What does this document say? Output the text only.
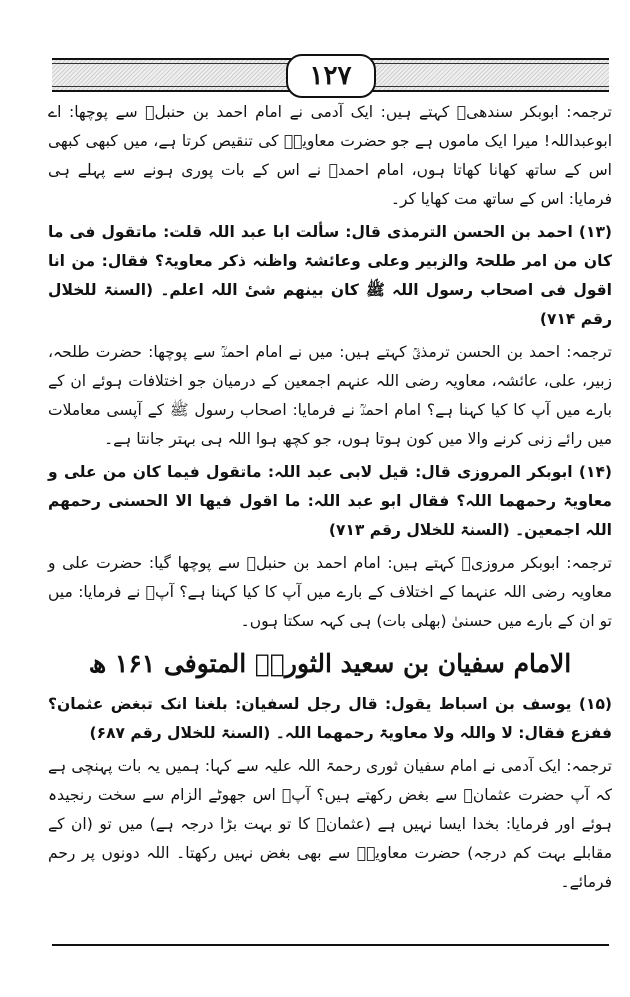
۱۲۷

ترجمہ: ابوبکر سندھیؒ کہتے ہیں: ایک آدمی نے امام احمد بن حنبلؒ سے پوچھا: اے ابوعبداللہ! میرا ایک ماموں ہے جو حضرت معاویہؓ کی تنقیص کرتا ہے، میں کبھی کبھی اس کے ساتھ کھانا کھاتا ہوں، امام احمدؒ نے اس کے بات پوری ہونے سے پہلے ہی فرمایا: اس کے ساتھ مت کھایا کر۔

(۱۳) احمد بن الحسن الترمذی قال: سألت ابا عبد اللہ قلت: ماتقول فی ما کان من امر طلحۃ والزبیر وعلی وعائشۃ واظنہ ذکر معاویۃ؟ فقال: من انا اقول فی اصحاب رسول اللہ ﷺ کان بینھم شیٔ اللہ اعلم۔ (السنۃ للخلال رقم ۷۱۴)

ترجمہ: احمد بن الحسن ترمذیؒ کہتے ہیں: میں نے امام احمدؒ سے پوچھا: حضرت طلحہ، زبیر، علی، عائشہ، معاویہ رضی اللہ عنہم اجمعین کے درمیان جو اختلافات ہوئے ان کے بارے میں آپ کا کیا کہنا ہے؟ امام احمدؒ نے فرمایا: اصحاب رسول ﷺ کے آپسی معاملات میں رائے زنی کرنے والا میں کون ہوتا ہوں، جو کچھ ہوا اللہ ہی بہتر جانتا ہے۔

(۱۴) ابوبکر المروزی قال: قیل لابی عبد اللہ: ماتقول فیما کان من علی و معاویۃ رحمھما اللہ؟ فقال ابو عبد اللہ: ما اقول فیھا الا الحسنی رحمھم اللہ اجمعین۔ (السنۃ للخلال رقم ۷۱۳)

ترجمہ: ابوبکر مروزیؒ کہتے ہیں: امام احمد بن حنبلؒ سے پوچھا گیا: حضرت علی و معاویہ رضی اللہ عنہما کے اختلاف کے بارے میں آپ کا کیا کہنا ہے؟ آپؒ نے فرمایا: میں تو ان کے بارے میں حسنیٰ (بھلی بات) ہی کہہ سکتا ہوں۔

الامام سفیان بن سعید الثوریؒ المتوفی ۱۶۱ ھ

(۱۵) یوسف بن اسباط یقول: قال رجل لسفیان: بلغنا انک تبغض عثمان؟ ففزع فقال: لا واللہ ولا معاویۃ رحمھما اللہ۔ (السنۃ للخلال رقم ۶۸۷)

ترجمہ: ایک آدمی نے امام سفیان ثوری رحمۃ اللہ علیہ سے کہا: ہمیں یہ بات پہنچی ہے کہ آپ حضرت عثمانؓ سے بغض رکھتے ہیں؟ آپؒ اس جھوٹے الزام سے سخت رنجیدہ ہوئے اور فرمایا: بخدا ایسا نہیں ہے (عثمانؓ کا تو بہت بڑا درجہ ہے) میں تو (ان کے مقابلے بہت کم درجہ) حضرت معاویہؓ سے بھی بغض نہیں رکھتا۔ اللہ دونوں پر رحم فرمائے۔
